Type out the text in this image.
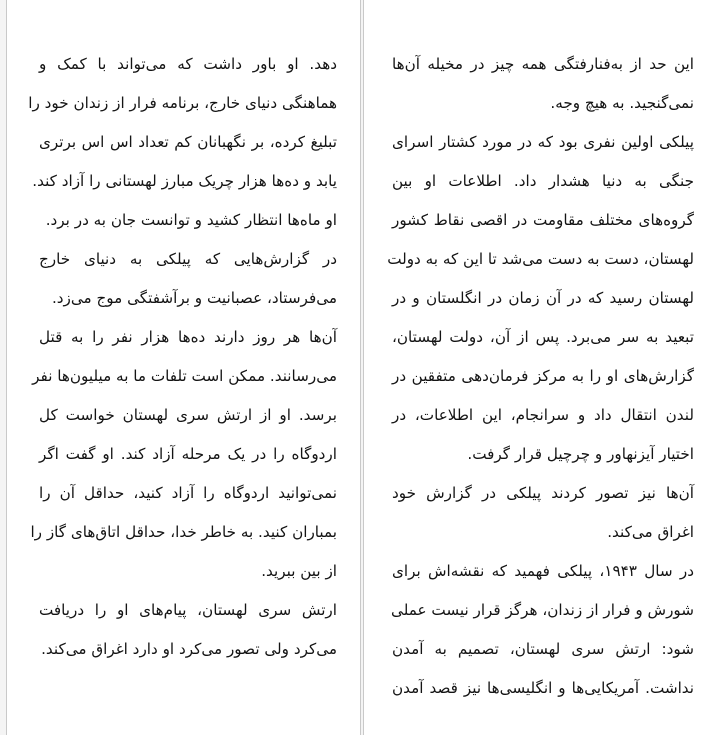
دهد. او باور داشت که می‌تواند با کمک و
هماهنگی دنیای خارج، برنامه فرار از زندان خود را
تبلیغ کرده، بر نگهبانان کم تعداد اس اس برتری
یابد و ده‌ها هزار چریک مبارز لهستانی را آزاد کند.
او ماه‌ها انتظار کشید و توانست جان به در برد.
در گزارش‌هایی که پیلکی به دنیای خارج
می‌فرستاد، عصبانیت و برآشفتگی موج می‌زد.
آن‌ها هر روز دارند ده‌ها هزار نفر را به قتل
می‌رسانند. ممکن است تلفات ما به میلیون‌ها نفر
برسد. او از ارتش سری لهستان خواست کل
اردوگاه را در یک مرحله آزاد کند. او گفت اگر
نمی‌توانید اردوگاه را آزاد کنید، حداقل آن را
بمباران کنید. به خاطر خدا، حداقل اتاق‌های گاز را
از بین ببرید.
ارتش سری لهستان، پیام‌های او را دریافت
می‌کرد ولی تصور می‌کرد او دارد اغراق می‌کند.
این حد از به‌فنارفتگی همه چیز در مخیله آن‌ها
نمی‌گنجید. به هیچ وجه.
پیلکی اولین نفری بود که در مورد کشتار اسرای
جنگی به دنیا هشدار داد. اطلاعات او بین
گروه‌های مختلف مقاومت در اقصی نقاط کشور
لهستان، دست به دست می‌شد تا این که به دولت
لهستان رسید که در آن زمان در انگلستان و در
تبعید به سر می‌برد. پس از آن، دولت لهستان،
گزارش‌های او را به مرکز فرمان‌دهی متفقین در
لندن انتقال داد و سرانجام، این اطلاعات، در
اختیار آیزنهاور و چرچیل قرار گرفت.
آن‌ها نیز تصور کردند پیلکی در گزارش خود
اغراق می‌کند.
در سال ۱۹۴۳، پیلکی فهمید که نقشه‌اش برای
شورش و فرار از زندان، هرگز قرار نیست عملی
شود: ارتش سری لهستان، تصمیم به آمدن
نداشت. آمریکایی‌ها و انگلیسی‌ها نیز قصد آمدن
